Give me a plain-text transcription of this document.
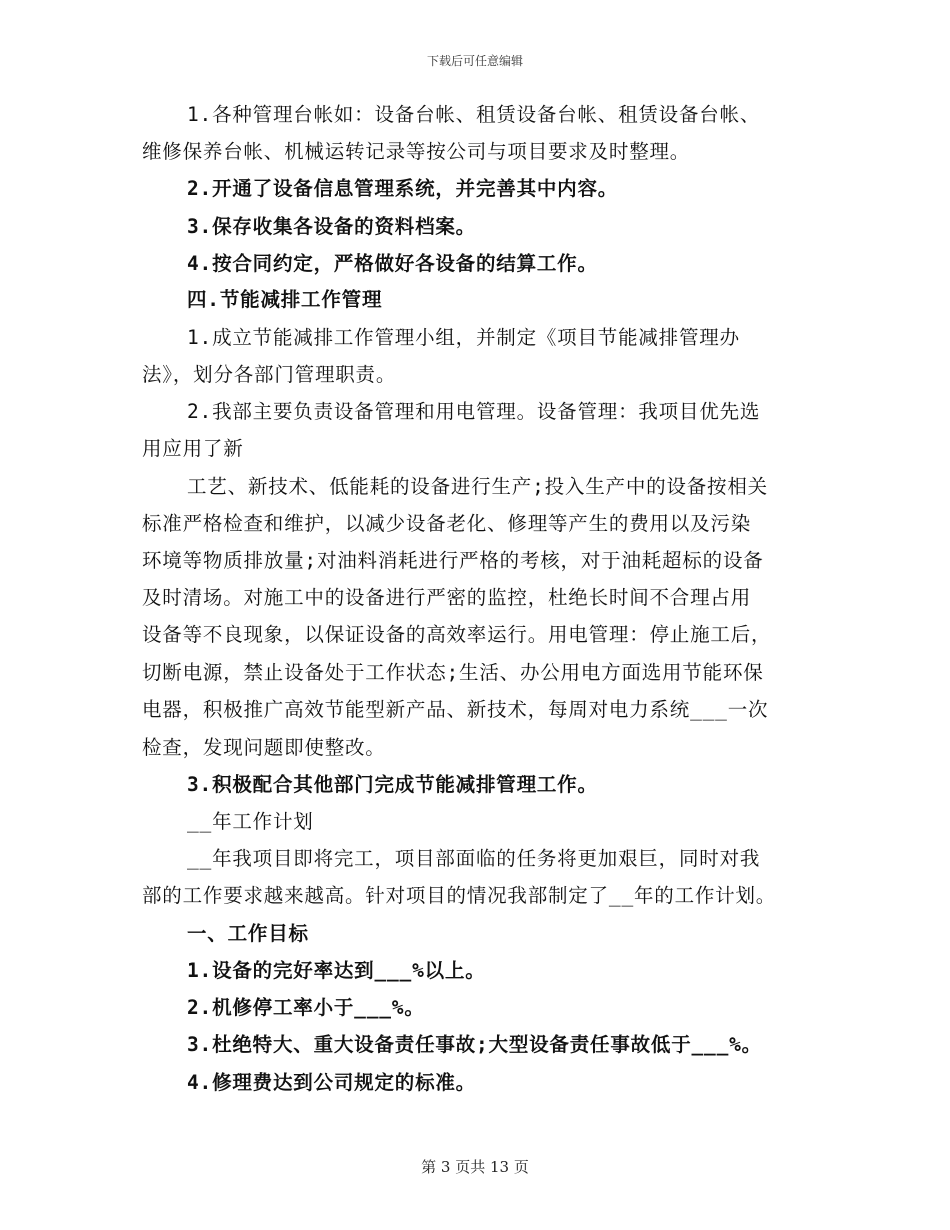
下载后可任意编辑
1.各种管理台帐如：设备台帐、租赁设备台帐、租赁设备台帐、
维修保养台帐、机械运转记录等按公司与项目要求及时整理。
2.开通了设备信息管理系统，并完善其中内容。
3.保存收集各设备的资料档案。
4.按合同约定，严格做好各设备的结算工作。
四.节能减排工作管理
1.成立节能减排工作管理小组，并制定《项目节能减排管理办
法》，划分各部门管理职责。
2.我部主要负责设备管理和用电管理。设备管理：我项目优先选
用应用了新
工艺、新技术、低能耗的设备进行生产;投入生产中的设备按相关
标准严格检查和维护，以减少设备老化、修理等产生的费用以及污染
环境等物质排放量;对油料消耗进行严格的考核，对于油耗超标的设备
及时清场。对施工中的设备进行严密的监控，杜绝长时间不合理占用
设备等不良现象，以保证设备的高效率运行。用电管理：停止施工后，
切断电源，禁止设备处于工作状态;生活、办公用电方面选用节能环保
电器，积极推广高效节能型新产品、新技术，每周对电力系统___一次
检查，发现问题即使整改。
3.积极配合其他部门完成节能减排管理工作。
__年工作计划
__年我项目即将完工，项目部面临的任务将更加艰巨，同时对我
部的工作要求越来越高。针对项目的情况我部制定了__年的工作计划。
一、工作目标
1.设备的完好率达到___%以上。
2.机修停工率小于___%。
3.杜绝特大、重大设备责任事故;大型设备责任事故低于___%。
4.修理费达到公司规定的标准。
第 3 页共 13 页
